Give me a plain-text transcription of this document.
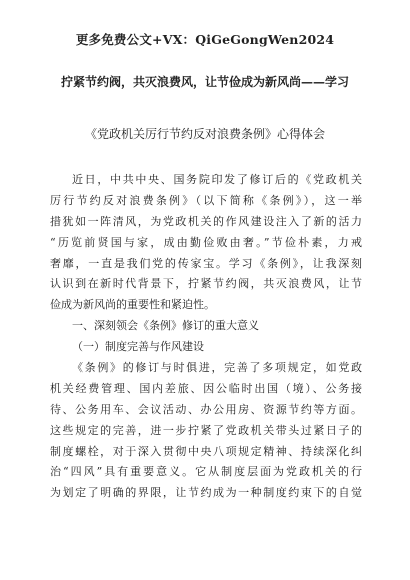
更多免费公文+VX：QiGeGongWen2024
拧紧节约阀，共灭浪费风，让节俭成为新风尚——学习
《党政机关厉行节约反对浪费条例》心得体会
近日，中共中央、国务院印发了修订后的《党政机关
厉行节约反对浪费条例》（以下简称《条例》），这一举
措犹如一阵清风，为党政机关的作风建设注入了新的活力
“历览前贤国与家，成由勤俭败由奢。”节俭朴素，力戒
奢靡，一直是我们党的传家宝。学习《条例》，让我深刻
认识到在新时代背景下，拧紧节约阀，共灭浪费风，让节
俭成为新风尚的重要性和紧迫性。
一、深刻领会《条例》修订的重大意义
（一）制度完善与作风建设
《条例》的修订与时俱进，完善了多项规定，如党政
机关经费管理、国内差旅、因公临时出国（境）、公务接
待、公务用车、会议活动、办公用房、资源节约等方面。
这些规定的完善，进一步拧紧了党政机关带头过紧日子的
制度螺栓，对于深入贯彻中央八项规定精神、持续深化纠
治“四风”具有重要意义。它从制度层面为党政机关的行
为划定了明确的界限，让节约成为一种制度约束下的自觉
